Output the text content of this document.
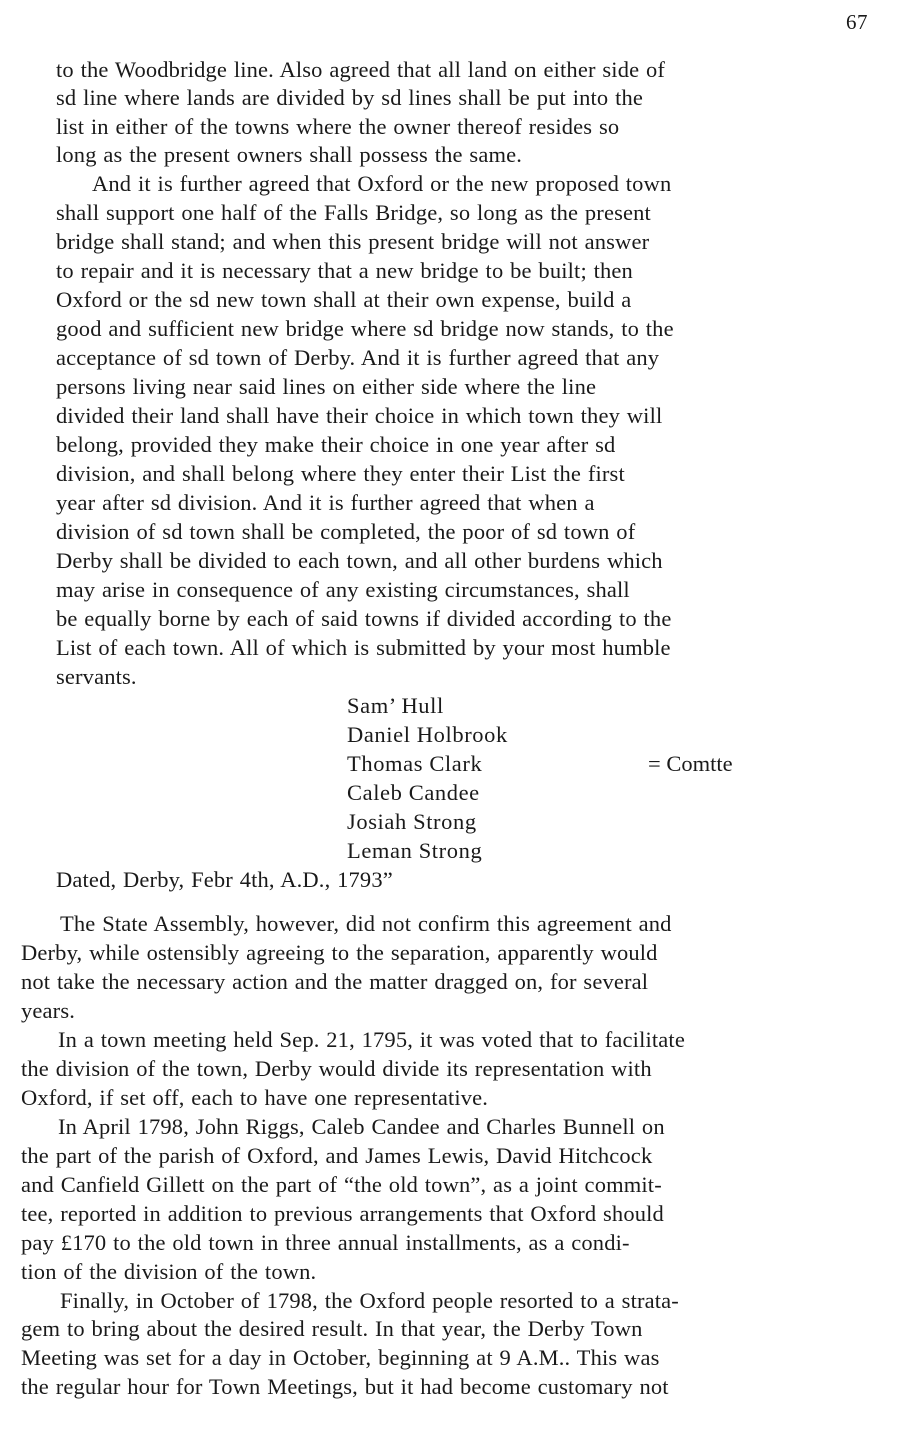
67
to the Woodbridge line. Also agreed that all land on either side of
sd line where lands are divided by sd lines shall be put into the
list in either of the towns where the owner thereof resides so
long as the present owners shall possess the same.
And it is further agreed that Oxford or the new proposed town
shall support one half of the Falls Bridge, so long as the present
bridge shall stand; and when this present bridge will not answer
to repair and it is necessary that a new bridge to be built; then
Oxford or the sd new town shall at their own expense, build a
good and sufficient new bridge where sd bridge now stands, to the
acceptance of sd town of Derby. And it is further agreed that any
persons living near said lines on either side where the line
divided their land shall have their choice in which town they will
belong, provided they make their choice in one year after sd
division, and shall belong where they enter their List the first
year after sd division. And it is further agreed that when a
division of sd town shall be completed, the poor of sd town of
Derby shall be divided to each town, and all other burdens which
may arise in consequence of any existing circumstances, shall
be equally borne by each of said towns if divided according to the
List of each town. All of which is submitted by your most humble
servants.
Sam’ Hull
Daniel Holbrook
Thomas Clark
Caleb Candee
Josiah Strong
Leman Strong
= Comtte
Dated, Derby, Febr 4th, A.D., 1793”
The State Assembly, however, did not confirm this agreement and
Derby, while ostensibly agreeing to the separation, apparently would
not take the necessary action and the matter dragged on, for several
years.
In a town meeting held Sep. 21, 1795, it was voted that to facilitate
the division of the town, Derby would divide its representation with
Oxford, if set off, each to have one representative.
In April 1798, John Riggs, Caleb Candee and Charles Bunnell on
the part of the parish of Oxford, and James Lewis, David Hitchcock
and Canfield Gillett on the part of “the old town”, as a joint commit-
tee, reported in addition to previous arrangements that Oxford should
pay £170 to the old town in three annual installments, as a condi-
tion of the division of the town.
Finally, in October of 1798, the Oxford people resorted to a strata-
gem to bring about the desired result. In that year, the Derby Town
Meeting was set for a day in October, beginning at 9 A.M.. This was
the regular hour for Town Meetings, but it had become customary not
